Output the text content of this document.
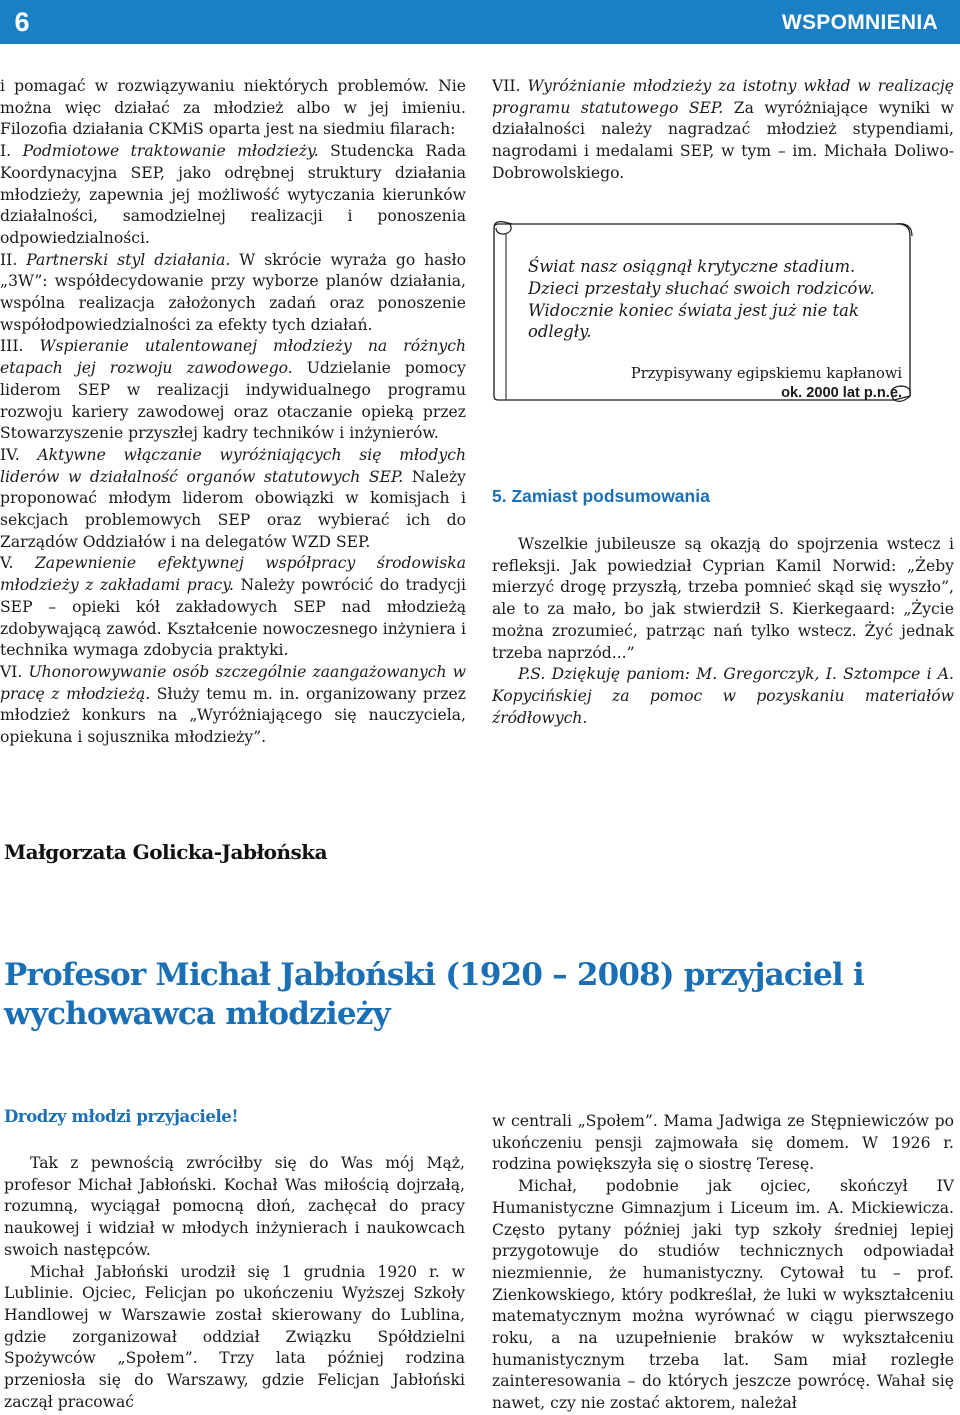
6	WSPOMNIENIA

i pomagać w rozwiązywaniu niektórych problemów. Nie można więc działać za młodzież albo w jej imieniu. Filozofia działania CKMiS oparta jest na siedmiu filarach:

I. Podmiotowe traktowanie młodzieży. Studencka Rada Koordynacyjna SEP, jako odrębnej struktury działania młodzieży, zapewnia jej możliwość wytyczania kierunków działalności, samodzielnej realizacji i ponoszenia odpowiedzialności.

II. Partnerski styl działania. W skrócie wyraża go hasło „3W”: współdecydowanie przy wyborze planów działania, wspólna realizacja założonych zadań oraz ponoszenie współodpowiedzialności za efekty tych działań.

III. Wspieranie utalentowanej młodzieży na różnych etapach jej rozwoju zawodowego. Udzielanie pomocy liderom SEP w realizacji indywidualnego programu rozwoju kariery zawodowej oraz otaczanie opieką przez Stowarzyszenie przyszłej kadry techników i inżynierów.

IV. Aktywne włączanie wyróżniających się młodych liderów w działalność organów statutowych SEP. Należy proponować młodym liderom obowiązki w komisjach i sekcjach problemowych SEP oraz wybierać ich do Zarządów Oddziałów i na delegatów WZD SEP.

V. Zapewnienie efektywnej współpracy środowiska młodzieży z zakładami pracy. Należy powrócić do tradycji SEP – opieki kół zakładowych SEP nad młodzieżą zdobywającą zawód. Kształcenie nowoczesnego inżyniera i technika wymaga zdobycia praktyki.

VI. Uhonorowywanie osób szczególnie zaangażowanych w pracę z młodzieżą. Służy temu m. in. organizowany przez młodzież konkurs na „Wyróżniającego się nauczyciela, opiekuna i sojusznika młodzieży”.

VII. Wyróżnianie młodzieży za istotny wkład w realizację programu statutowego SEP. Za wyróżniające wyniki w działalności należy nagradzać młodzież stypendiami, nagrodami i medalami SEP, w tym – im. Michała Doliwo-Dobrowolskiego.

Świat nasz osiągnął krytyczne stadium. Dzieci przestały słuchać swoich rodziców. Widocznie koniec świata jest już nie tak odległy.
Przypisywany egipskiemu kapłanowi
ok. 2000 lat p.n.e.
5. Zamiast podsumowania

Wszelkie jubileusze są okazją do spojrzenia wstecz i refleksji. Jak powiedział Cyprian Kamil Norwid: „Żeby mierzyć drogę przyszłą, trzeba pomnieć skąd się wyszło”, ale to za mało, bo jak stwierdził S. Kierkegaard: „Życie można zrozumieć, patrząc nań tylko wstecz. Żyć jednak trzeba naprzód...”

P.S. Dziękuję paniom: M. Gregorczyk, I. Sztompce i A. Kopycińskiej za pomoc w pozyskaniu materiałów źródłowych.

Małgorzata Golicka-Jabłońska
Profesor Michał Jabłoński (1920 – 2008) przyjaciel i wychowawca młodzieży
Drodzy młodzi przyjaciele!

Tak z pewnością zwróciłby się do Was mój Mąż, profesor Michał Jabłoński. Kochał Was miłością dojrzałą, rozumną, wyciągał pomocną dłoń, zachęcał do pracy naukowej i widział w młodych inżynierach i naukowcach swoich następców.

Michał Jabłoński urodził się 1 grudnia 1920 r. w Lublinie. Ojciec, Felicjan po ukończeniu Wyższej Szkoły Handlowej w Warszawie został skierowany do Lublina, gdzie zorganizował oddział Związku Spółdzielni Spożywców „Społem”. Trzy lata później rodzina przeniosła się do Warszawy, gdzie Felicjan Jabłoński zaczął pracować

w centrali „Społem”. Mama Jadwiga ze Stępniewiczów po ukończeniu pensji zajmowała się domem. W 1926 r. rodzina powiększyła się o siostrę Teresę.

Michał, podobnie jak ojciec, skończył IV Humanistyczne Gimnazjum i Liceum im. A. Mickiewicza. Często pytany później jaki typ szkoły średniej lepiej przygotowuje do studiów technicznych odpowiadał niezmiennie, że humanistyczny. Cytował tu – prof. Zienkowskiego, który podkreślał, że luki w wykształceniu matematycznym można wyrównać w ciągu pierwszego roku, a na uzupełnienie braków w wykształceniu humanistycznym trzeba lat. Sam miał rozległe zainteresowania – do których jeszcze powrócę. Wahał się nawet, czy nie zostać aktorem, należał
